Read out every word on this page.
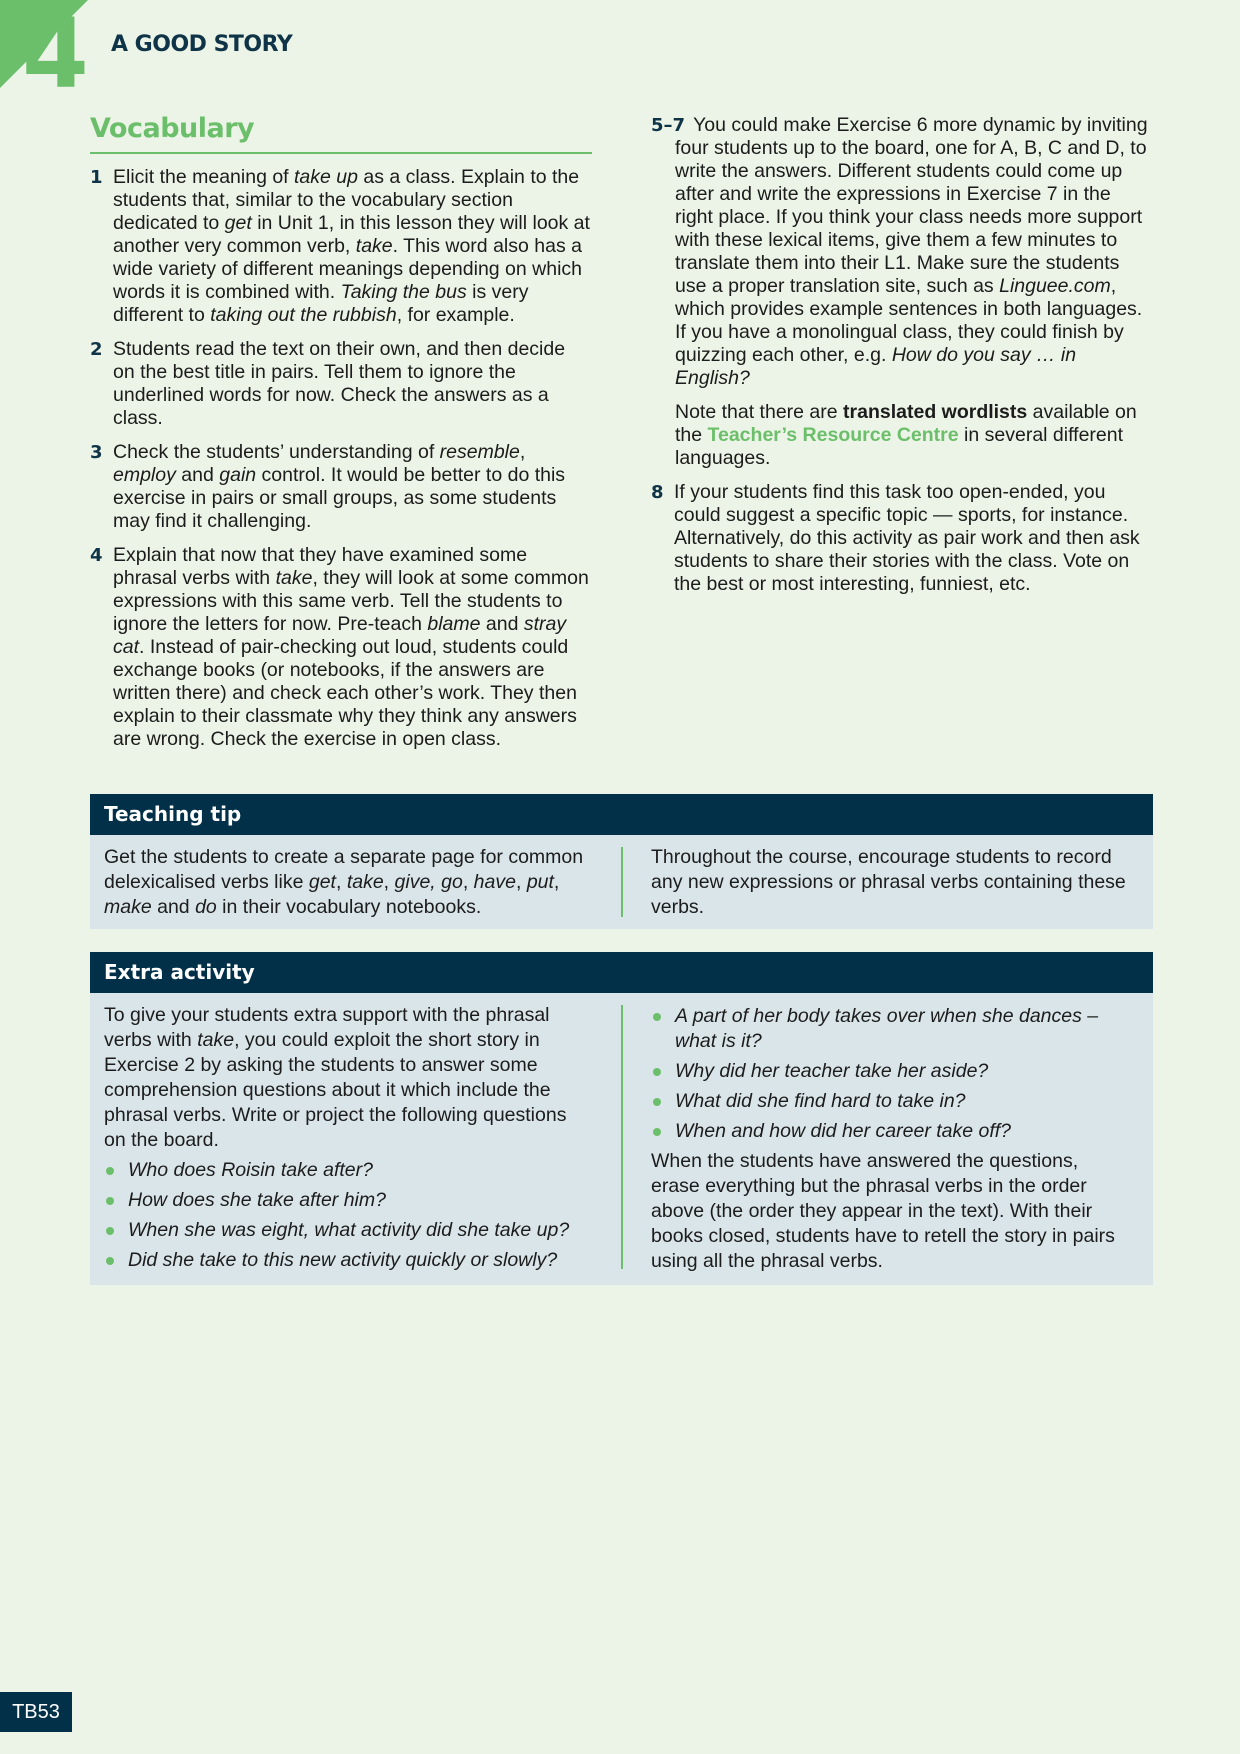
4 A GOOD STORY
Vocabulary
1 Elicit the meaning of take up as a class. Explain to the students that, similar to the vocabulary section dedicated to get in Unit 1, in this lesson they will look at another very common verb, take. This word also has a wide variety of different meanings depending on which words it is combined with. Taking the bus is very different to taking out the rubbish, for example.
2 Students read the text on their own, and then decide on the best title in pairs. Tell them to ignore the underlined words for now. Check the answers as a class.
3 Check the students’ understanding of resemble, employ and gain control. It would be better to do this exercise in pairs or small groups, as some students may find it challenging.
4 Explain that now that they have examined some phrasal verbs with take, they will look at some common expressions with this same verb. Tell the students to ignore the letters for now. Pre-teach blame and stray cat. Instead of pair-checking out loud, students could exchange books (or notebooks, if the answers are written there) and check each other’s work. They then explain to their classmate why they think any answers are wrong. Check the exercise in open class.
5–7 You could make Exercise 6 more dynamic by inviting four students up to the board, one for A, B, C and D, to write the answers. Different students could come up after and write the expressions in Exercise 7 in the right place. If you think your class needs more support with these lexical items, give them a few minutes to translate them into their L1. Make sure the students use a proper translation site, such as Linguee.com, which provides example sentences in both languages. If you have a monolingual class, they could finish by quizzing each other, e.g. How do you say … in English?
Note that there are translated wordlists available on the Teacher’s Resource Centre in several different languages.
8 If your students find this task too open-ended, you could suggest a specific topic — sports, for instance. Alternatively, do this activity as pair work and then ask students to share their stories with the class. Vote on the best or most interesting, funniest, etc.
Teaching tip

Get the students to create a separate page for common delexicalised verbs like get, take, give, go, have, put, make and do in their vocabulary notebooks.

Throughout the course, encourage students to record any new expressions or phrasal verbs containing these verbs.

Extra activity

To give your students extra support with the phrasal verbs with take, you could exploit the short story in Exercise 2 by asking the students to answer some comprehension questions about it which include the phrasal verbs. Write or project the following questions on the board.

Who does Roisin take after?
How does she take after him?
When she was eight, what activity did she take up?
Did she take to this new activity quickly or slowly?
A part of her body takes over when she dances – what is it?
Why did her teacher take her aside?
What did she find hard to take in?
When and how did her career take off?

When the students have answered the questions, erase everything but the phrasal verbs in the order above (the order they appear in the text). With their books closed, students have to retell the story in pairs using all the phrasal verbs.

TB53
